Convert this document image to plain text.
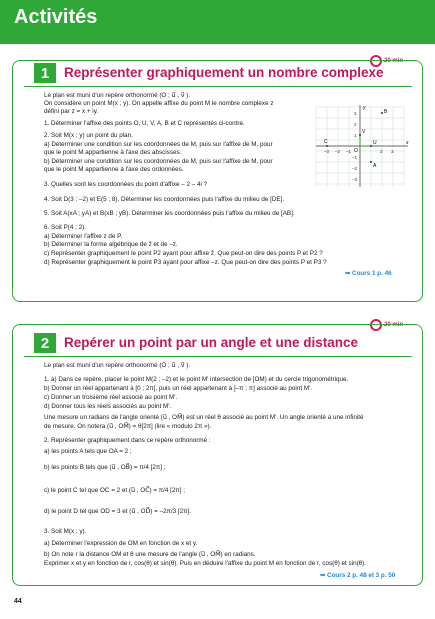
Activités
20 min
1	Représenter graphiquement un nombre complexe
Le plan est muni d'un repère orthonormé (O ; u⃗ , v⃗ ).
On considère un point M(x ; y). On appelle affixe du point M le nombre complexe z
défini par z = x + iy.
1. Déterminer l'affixe des points O, U, V, A, B et C représentés ci-contre.
2. Soit M(x ; y) un point du plan.
a) Déterminer une condition sur les coordonnées de M, puis sur l'affixe de M, pour
que le point M appartienne à l'axe des abscisses.
b) Déterminer une condition sur les coordonnées de M, puis sur l'affixe de M, pour
que le point M appartienne à l'axe des ordonnées.
3. Quelles sont les coordonnées du point d'affixe – 2 – 4i ?
4. Soit D(3 ; –2) et E(5 ; 8). Déterminer les coordonnées puis l'affixe du milieu de [DE].
5. Soit A(xA ; yA) et B(xB ; yB). Déterminer les coordonnées puis l'affixe du milieu de [AB].
6. Soit P(4 ; 2).
a) Déterminer l'affixe z de P.
b) Déterminer la forme algébrique de z̄ et de –z.
c) Représenter graphiquement le point P2 ayant pour affixe z̄. Que peut-on dire des points P et P2 ?
d) Représenter graphiquement le point P3 ayant pour affixe –z. Que peut-on dire des points P et P3 ?
➥ Cours 1 p. 46
x
y
U
V
O
B
C
A
–3 –2 –1	2 3
3
2
1
–1
–2
–3
20 min
2	Repérer un point par un angle et une distance
Le plan est muni d'un repère orthonormé (O ; u⃗ , v⃗ ).
1. a) Dans ce repère, placer le point M(2 ; –2) et le point M' intersection de [OM) et du cercle trigonométrique.
b) Donner un réel appartenant à [0 ; 2π[, puis un réel appartenant à ]–π ; π] associé au point M'.
c) Donner un troisième réel associé au point M'.
d) Donner tous les réels associés au point M'.
Une mesure un radians de l'angle orienté (u⃗ , OM⃗) est un réel θ associé au point M'. Un angle orienté a une infinité
de mesure. On notera (u⃗ , OM⃗) = θ[2π] (lire « modulo 2π »).
2. Représenter graphiquement dans ce repère orthonormé :
a) les points A tels que OA = 2 ;
b) les points B tels que (u⃗ , OB⃗) = π/4 [2π] ;
c) le point C tel que OC = 2 et (u⃗ , OC⃗) = π/4 [2π] ;
d) le point D tel que OD = 3 et (u⃗ , OD⃗) = –2π/3 [2π].
3. Soit M(x ; y).
a) Déterminer l'expression de OM en fonction de x et y.
b) On note r la distance OM et θ une mesure de l'angle (u⃗ , OM⃗) en radians.
Exprimer x et y en fonction de r, cos(θ) et sin(θ). Puis en déduire l'affixe du point M en fonction de r, cos(θ) et sin(θ).
➥ Cours 2 p. 48 et 3 p. 50
44
